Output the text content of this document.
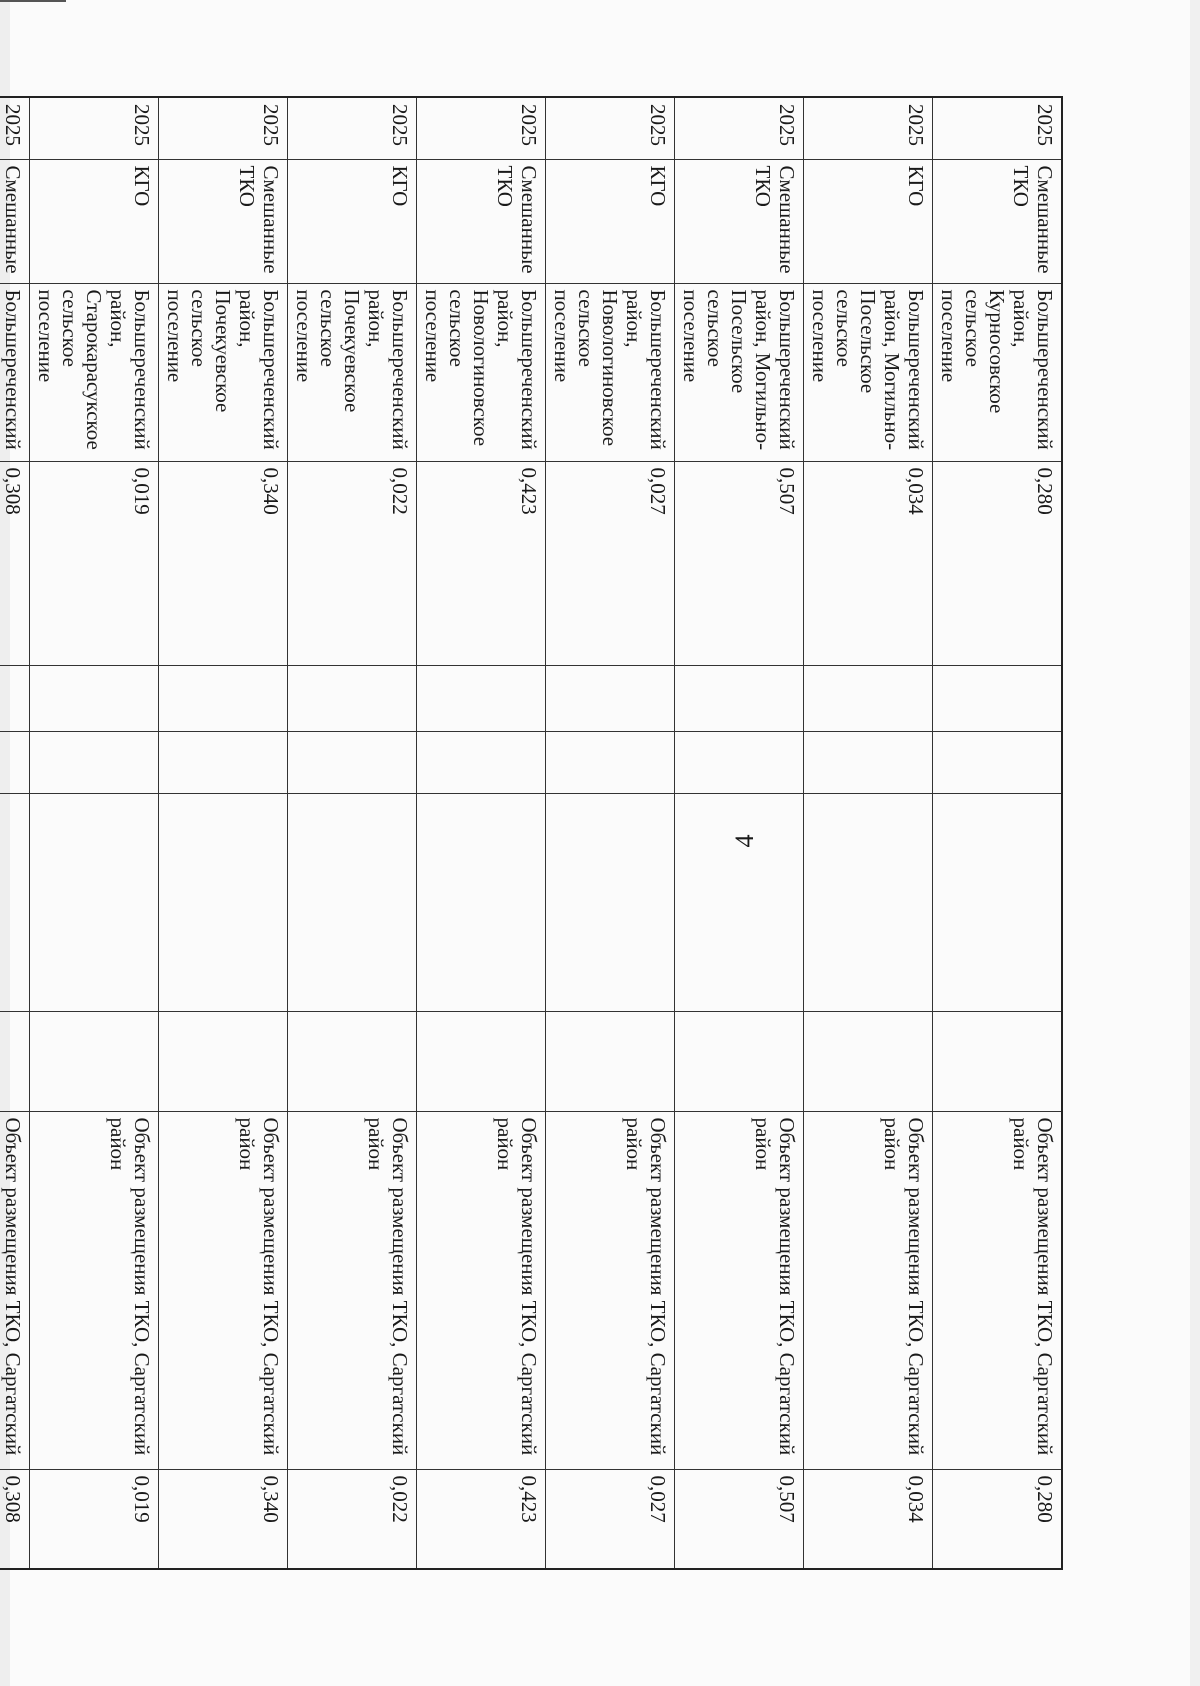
4
2025	Смешанные ТКО	Большереченский район, Курносовское сельское поселение	0,280					Объект размещения ТКО, Саргатский район	0,280
2025	КГО	Большереченский район, Могильно-Посельское сельское поселение	0,034					Объект размещения ТКО, Саргатский район	0,034
2025	Смешанные ТКО	Большереченский район, Могильно-Посельское сельское поселение	0,507					Объект размещения ТКО, Саргатский район	0,507
2025	КГО	Большереченский район, Новологиновское сельское поселение	0,027					Объект размещения ТКО, Саргатский район	0,027
2025	Смешанные ТКО	Большереченский район, Новологиновское сельское поселение	0,423					Объект размещения ТКО, Саргатский район	0,423
2025	КГО	Большереченский район, Почекуевское сельское поселение	0,022					Объект размещения ТКО, Саргатский район	0,022
2025	Смешанные ТКО	Большереченский район, Почекуевское сельское поселение	0,340					Объект размещения ТКО, Саргатский район	0,340
2025	КГО	Большереченский район, Старокарасукское сельское поселение	0,019					Объект размещения ТКО, Саргатский район	0,019
2025	Смешанные	Большереченский	0,308					Объект размещения ТКО, Саргатский	0,308
